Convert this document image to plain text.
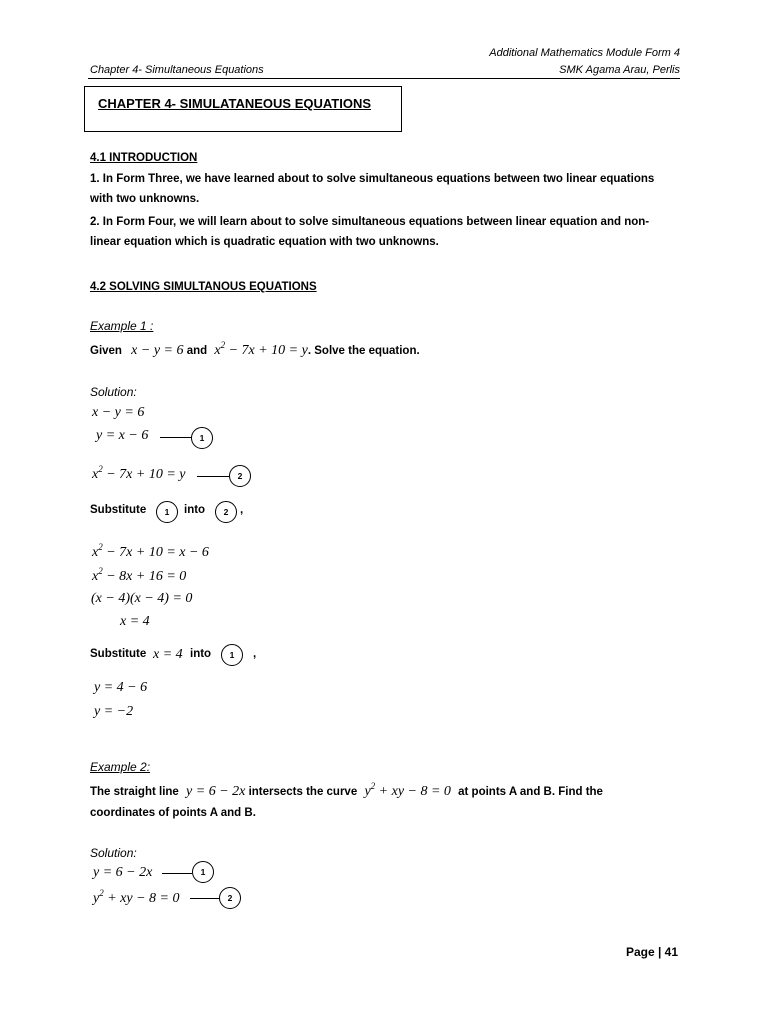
Additional Mathematics Module Form 4
Chapter 4- Simultaneous Equations	SMK Agama Arau, Perlis
CHAPTER 4- SIMULATANEOUS EQUATIONS
4.1 INTRODUCTION
1. In Form Three, we have learned about to solve simultaneous equations between two linear equations
with two unknowns.
2. In Form Four, we will learn about to solve simultaneous equations between linear equation and non-
linear equation which is quadratic equation with two unknowns.
4.2 SOLVING SIMULTANOUS EQUATIONS
Example 1 :
Given x − y = 6 and $x^2 - 7x + 10 = y$. Solve the equation.
Solution:
x − y = 6
y = x − 6	1
$x^2 - 7x + 10 = y$	2
Substitute	1	into	2	,
$x^2 - 7x + 10 = x - 6$
$x^2 - 8x + 16 = 0$
(x − 4)(x − 4) = 0
x = 4
Substitute x = 4 into	1	,
y = 4 − 6
y = −2
Example 2:
The straight line y = 6 − 2x intersects the curve $y^2$ + xy − 8 = 0 at points A and B. Find the
coordinates of points A and B.
Solution:
y = 6 − 2x	1
$y^2$ + xy − 8 = 0	2
Page | 41
